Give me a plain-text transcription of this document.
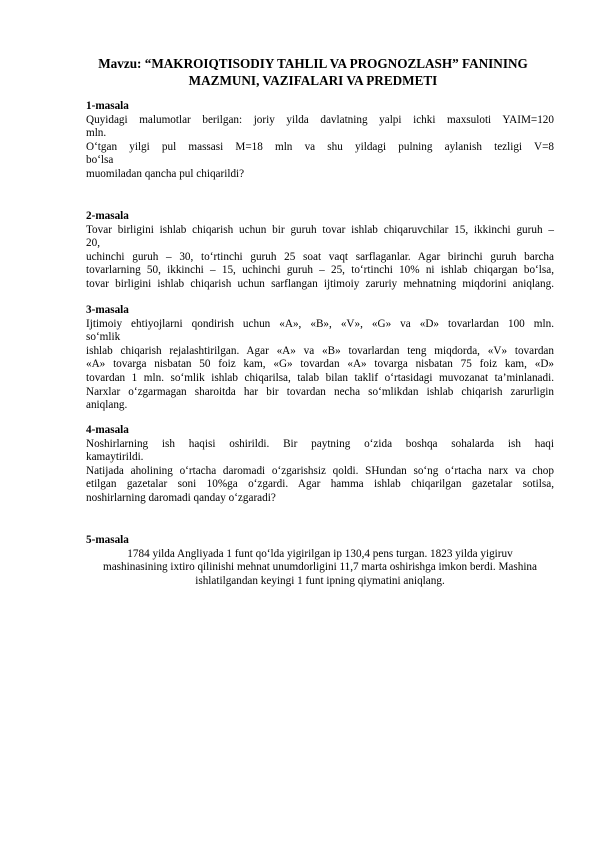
Mavzu: “MAKROIQTISODIY TAHLIL VA PROGNOZLASH” FANINING
MAZMUNI, VAZIFALARI VA PREDMETI
1-masala
Quyidagi malumotlar berilgan: joriy yilda davlatning yalpi ichki maxsuloti YAIM=120
mln.
O‘tgan yilgi pul massasi M=18 mln va shu yildagi pulning aylanish tezligi V=8
bo‘lsa
muomiladan qancha pul chiqarildi?
2-masala
Tovar birligini ishlab chiqarish uchun bir guruh tovar ishlab chiqaruvchilar 15, ikkinchi guruh –
20,
uchinchi guruh – 30, to‘rtinchi guruh 25 soat vaqt sarflaganlar. Agar birinchi guruh barcha
tovarlarning 50, ikkinchi – 15, uchinchi guruh – 25, to‘rtinchi 10% ni ishlab chiqargan bo‘lsa,
tovar birligini ishlab chiqarish uchun sarflangan ijtimoiy zaruriy mehnatning miqdorini aniqlang.
3-masala
Ijtimoiy ehtiyojlarni qondirish uchun «A», «B», «V», «G» va «D» tovarlardan 100 mln.
so‘mlik
ishlab chiqarish rejalashtirilgan. Agar «A» va «B» tovarlardan teng miqdorda, «V» tovardan
«A» tovarga nisbatan 50 foiz kam, «G» tovardan «A» tovarga nisbatan 75 foiz kam, «D»
tovardan 1 mln. so‘mlik ishlab chiqarilsa, talab bilan taklif o‘rtasidagi muvozanat ta’minlanadi.
Narxlar o‘zgarmagan sharoitda har bir tovardan necha so‘mlikdan ishlab chiqarish zarurligin
aniqlang.
4-masala
Noshirlarning ish haqisi oshirildi. Bir paytning o‘zida boshqa sohalarda ish haqi
kamaytirildi.
Natijada aholining o‘rtacha daromadi o‘zgarishsiz qoldi. SHundan so‘ng o‘rtacha narx va chop
etilgan gazetalar soni 10%ga o‘zgardi. Agar hamma ishlab chiqarilgan gazetalar sotilsa,
noshirlarning daromadi qanday o‘zgaradi?
5-masala
1784 yilda Angliyada 1 funt qo‘lda yigirilgan ip 130,4 pens turgan. 1823 yilda yigiruv
mashinasining ixtiro qilinishi mehnat unumdorligini 11,7 marta oshirishga imkon berdi. Mashina
ishlatilgandan keyingi 1 funt ipning qiymatini aniqlang.
